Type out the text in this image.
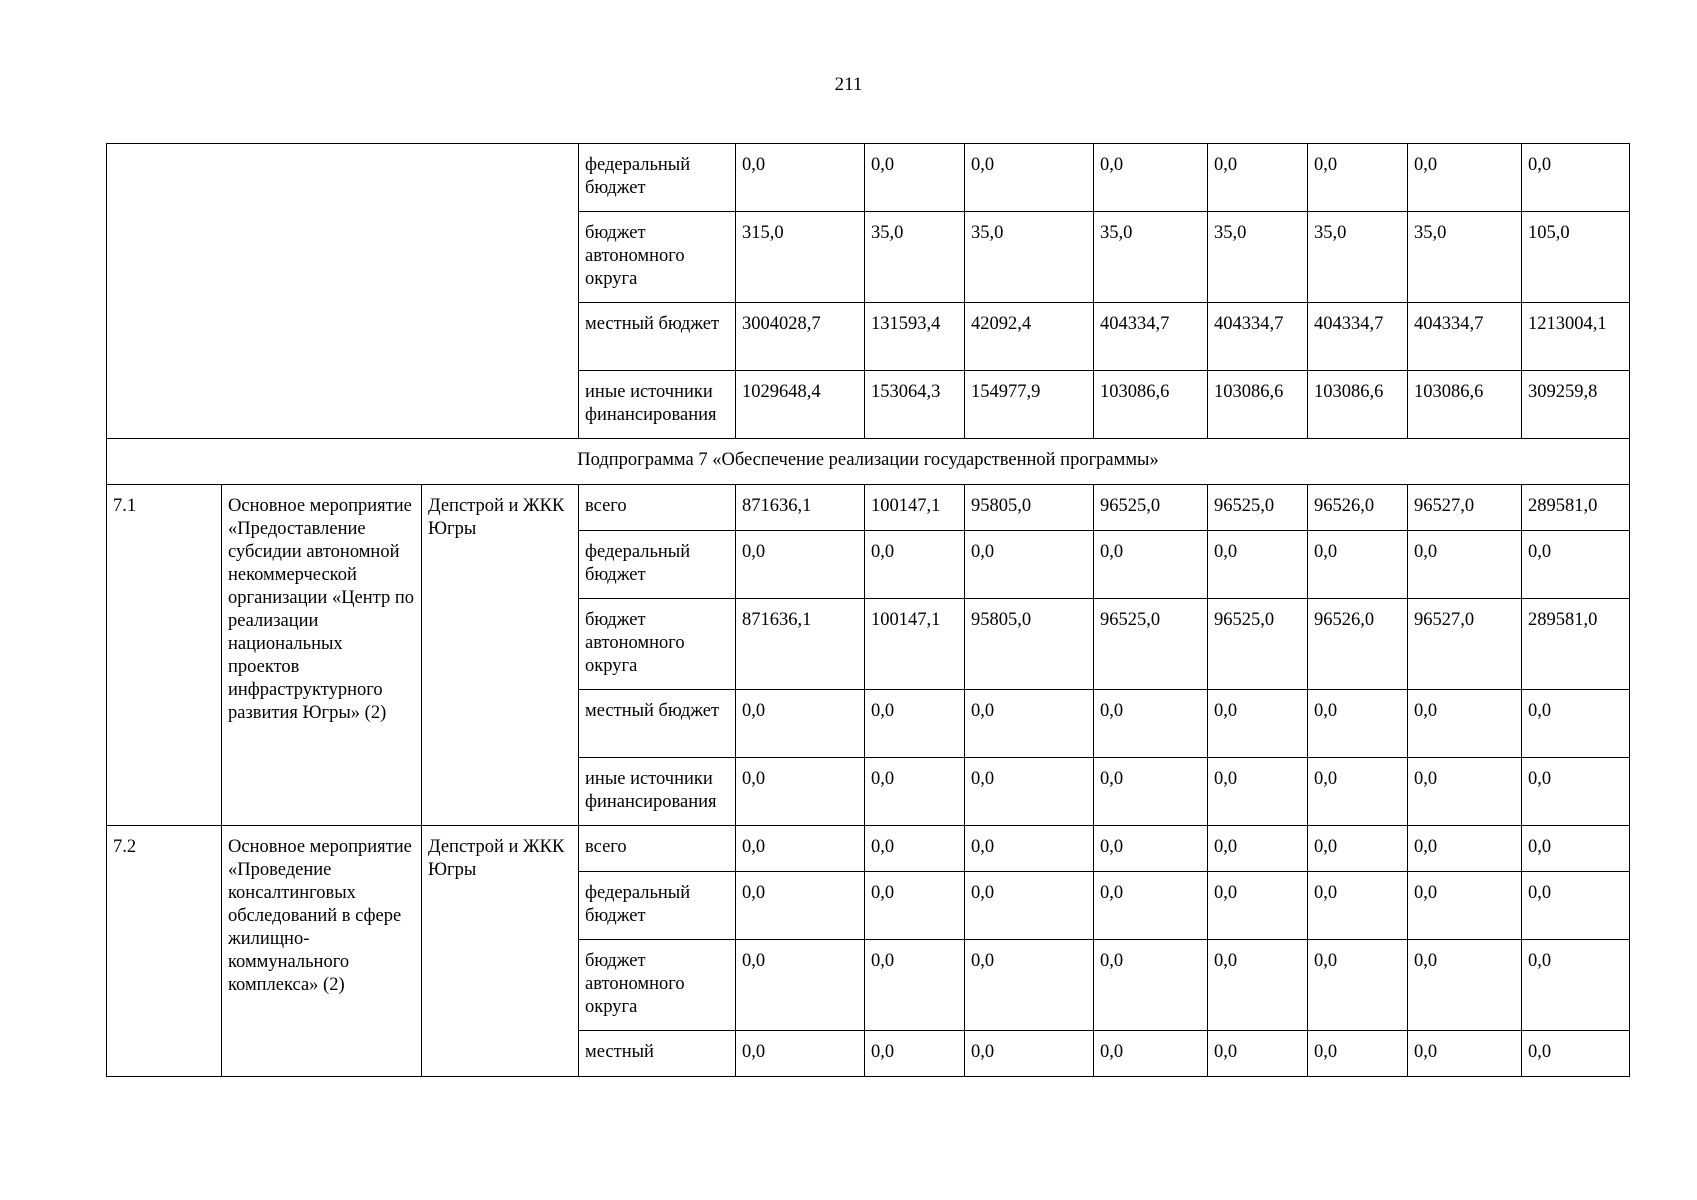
211
			федеральный бюджет	0,0	0,0	0,0	0,0	0,0	0,0	0,0	0,0
			бюджет автономного округа	315,0	35,0	35,0	35,0	35,0	35,0	35,0	105,0
			местный бюджет	3004028,7	131593,4	42092,4	404334,7	404334,7	404334,7	404334,7	1213004,1
			иные источники финансирования	1029648,4	153064,3	154977,9	103086,6	103086,6	103086,6	103086,6	309259,8
Подпрограмма 7 «Обеспечение реализации государственной программы»											
7.1	Основное мероприятие «Предоставление субсидии автономной некоммерческой организации «Центр по реализации национальных проектов инфраструктурного развития Югры» (2)	Депстрой и ЖКК Югры	всего	871636,1	100147,1	95805,0	96525,0	96525,0	96526,0	96527,0	289581,0
			федеральный бюджет	0,0	0,0	0,0	0,0	0,0	0,0	0,0	0,0
			бюджет автономного округа	871636,1	100147,1	95805,0	96525,0	96525,0	96526,0	96527,0	289581,0
			местный бюджет	0,0	0,0	0,0	0,0	0,0	0,0	0,0	0,0
			иные источники финансирования	0,0	0,0	0,0	0,0	0,0	0,0	0,0	0,0
7.2	Основное мероприятие «Проведение консалтинговых обследований в сфере жилищно-коммунального комплекса» (2)	Депстрой и ЖКК Югры	всего	0,0	0,0	0,0	0,0	0,0	0,0	0,0	0,0
			федеральный бюджет	0,0	0,0	0,0	0,0	0,0	0,0	0,0	0,0
			бюджет автономного округа	0,0	0,0	0,0	0,0	0,0	0,0	0,0	0,0
			местный	0,0	0,0	0,0	0,0	0,0	0,0	0,0	0,0
